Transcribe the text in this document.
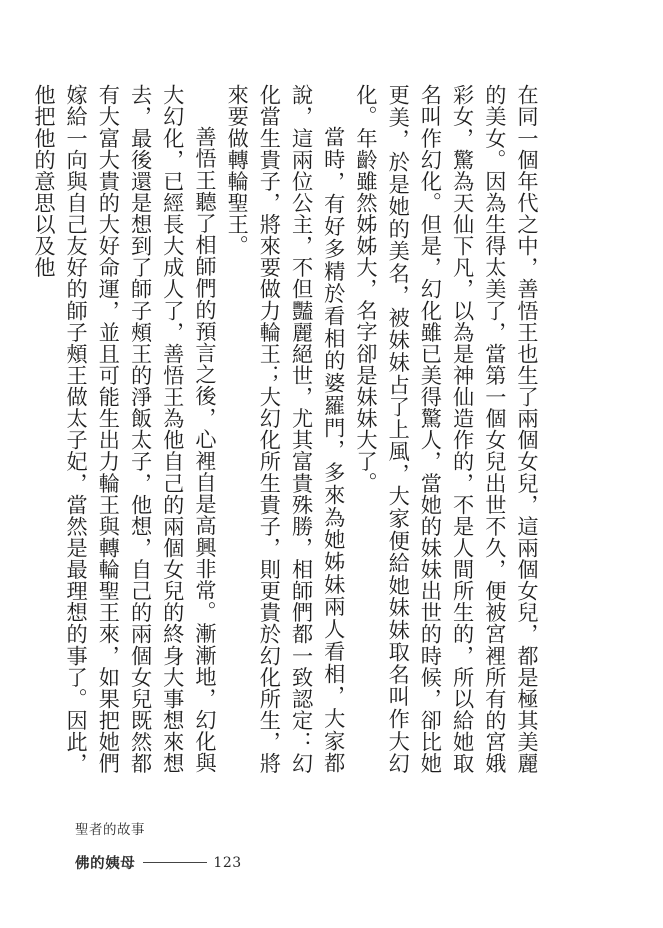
在同一個年代之中，善悟王也生了兩個女兒，這兩個女兒，都是極其美麗的美女。因為生得太美了，當第一個女兒出世不久，便被宮裡所有的宮娥彩女，驚為天仙下凡，以為是神仙造作的，不是人間所生的，所以給她取名叫作幻化。但是，幻化雖已美得驚人，當她的妹妹出世的時候，卻比她更美，於是她的美名，被妹妹占了上風，大家便給她妹妹取名叫作大幻化。年齡雖然姊姊大，名字卻是妹妹大了。

當時，有好多精於看相的婆羅門，多來為她姊妹兩人看相，大家都說，這兩位公主，不但豔麗絕世，尤其富貴殊勝，相師們都一致認定：幻化當生貴子，將來要做力輪王；大幻化所生貴子，則更貴於幻化所生，將來要做轉輪聖王。

善悟王聽了相師們的預言之後，心裡自是高興非常。漸漸地，幻化與大幻化，已經長大成人了，善悟王為他自己的兩個女兒的終身大事想來想去，最後還是想到了師子頰王的淨飯太子，他想，自己的兩個女兒既然都有大富大貴的大好命運，並且可能生出力輪王與轉輪聖王來，如果把她們嫁給一向與自己友好的師子頰王做太子妃，當然是最理想的事了。因此，他把他的意思以及他

聖者的故事
佛的姨母	123
